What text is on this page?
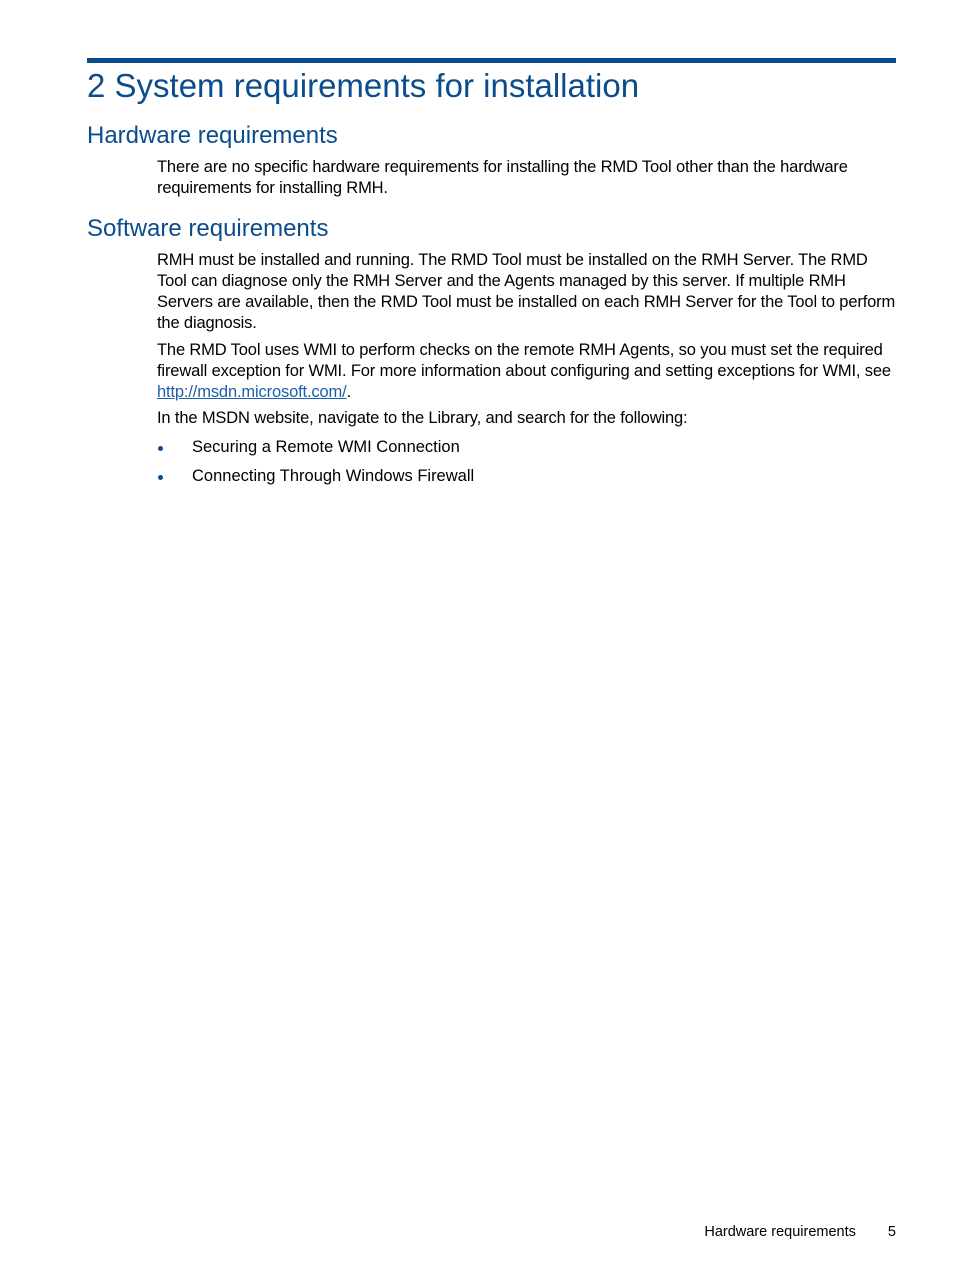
2 System requirements for installation
Hardware requirements

There are no specific hardware requirements for installing the RMD Tool other than the hardware requirements for installing RMH.

Software requirements

RMH must be installed and running. The RMD Tool must be installed on the RMH Server. The RMD Tool can diagnose only the RMH Server and the Agents managed by this server. If multiple RMH Servers are available, then the RMD Tool must be installed on each RMH Server for the Tool to perform the diagnosis.

The RMD Tool uses WMI to perform checks on the remote RMH Agents, so you must set the required firewall exception for WMI. For more information about configuring and setting exceptions for WMI, see http://msdn.microsoft.com/.

In the MSDN website, navigate to the Library, and search for the following:

Securing a Remote WMI Connection
Connecting Through Windows Firewall
Hardware requirements 5
